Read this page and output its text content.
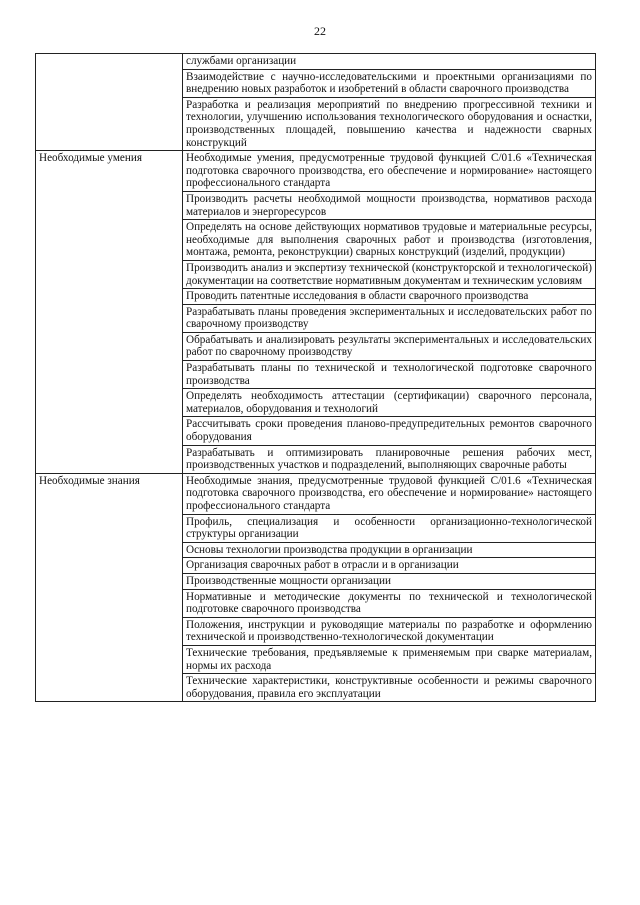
22
	службами организации
	Взаимодействие с научно-исследовательскими и проектными организациями по внедрению новых разработок и изобретений в области сварочного производства
	Разработка и реализация мероприятий по внедрению прогрессивной техники и технологии, улучшению использования технологического оборудования и оснастки, производственных площадей, повышению качества и надежности сварных конструкций
Необходимые умения	Необходимые умения, предусмотренные трудовой функцией С/01.6 «Техническая подготовка сварочного производства, его обеспечение и нормирование» настоящего профессионального стандарта
	Производить расчеты необходимой мощности производства, нормативов расхода материалов и энергоресурсов
	Определять на основе действующих нормативов трудовые и материальные ресурсы, необходимые для выполнения сварочных работ и производства (изготовления, монтажа, ремонта, реконструкции) сварных конструкций (изделий, продукции)
	Производить анализ и экспертизу технической (конструкторской и технологической) документации на соответствие нормативным документам и техническим условиям
	Проводить патентные исследования в области сварочного производства
	Разрабатывать планы проведения экспериментальных и исследовательских работ по сварочному производству
	Обрабатывать и анализировать результаты экспериментальных и исследовательских работ по сварочному производству
	Разрабатывать планы по технической и технологической подготовке сварочного производства
	Определять необходимость аттестации (сертификации) сварочного персонала, материалов, оборудования и технологий
	Рассчитывать сроки проведения планово-предупредительных ремонтов сварочного оборудования
	Разрабатывать и оптимизировать планировочные решения рабочих мест, производственных участков и подразделений, выполняющих сварочные работы
Необходимые знания	Необходимые знания, предусмотренные трудовой функцией С/01.6 «Техническая подготовка сварочного производства, его обеспечение и нормирование» настоящего профессионального стандарта
	Профиль, специализация и особенности организационно-технологической структуры организации
	Основы технологии производства продукции в организации
	Организация сварочных работ в отрасли и в организации
	Производственные мощности организации
	Нормативные и методические документы по технической и технологической подготовке сварочного производства
	Положения, инструкции и руководящие материалы по разработке и оформлению технической и производственно-технологической документации
	Технические требования, предъявляемые к применяемым при сварке материалам, нормы их расхода
	Технические характеристики, конструктивные особенности и режимы сварочного оборудования, правила его эксплуатации
